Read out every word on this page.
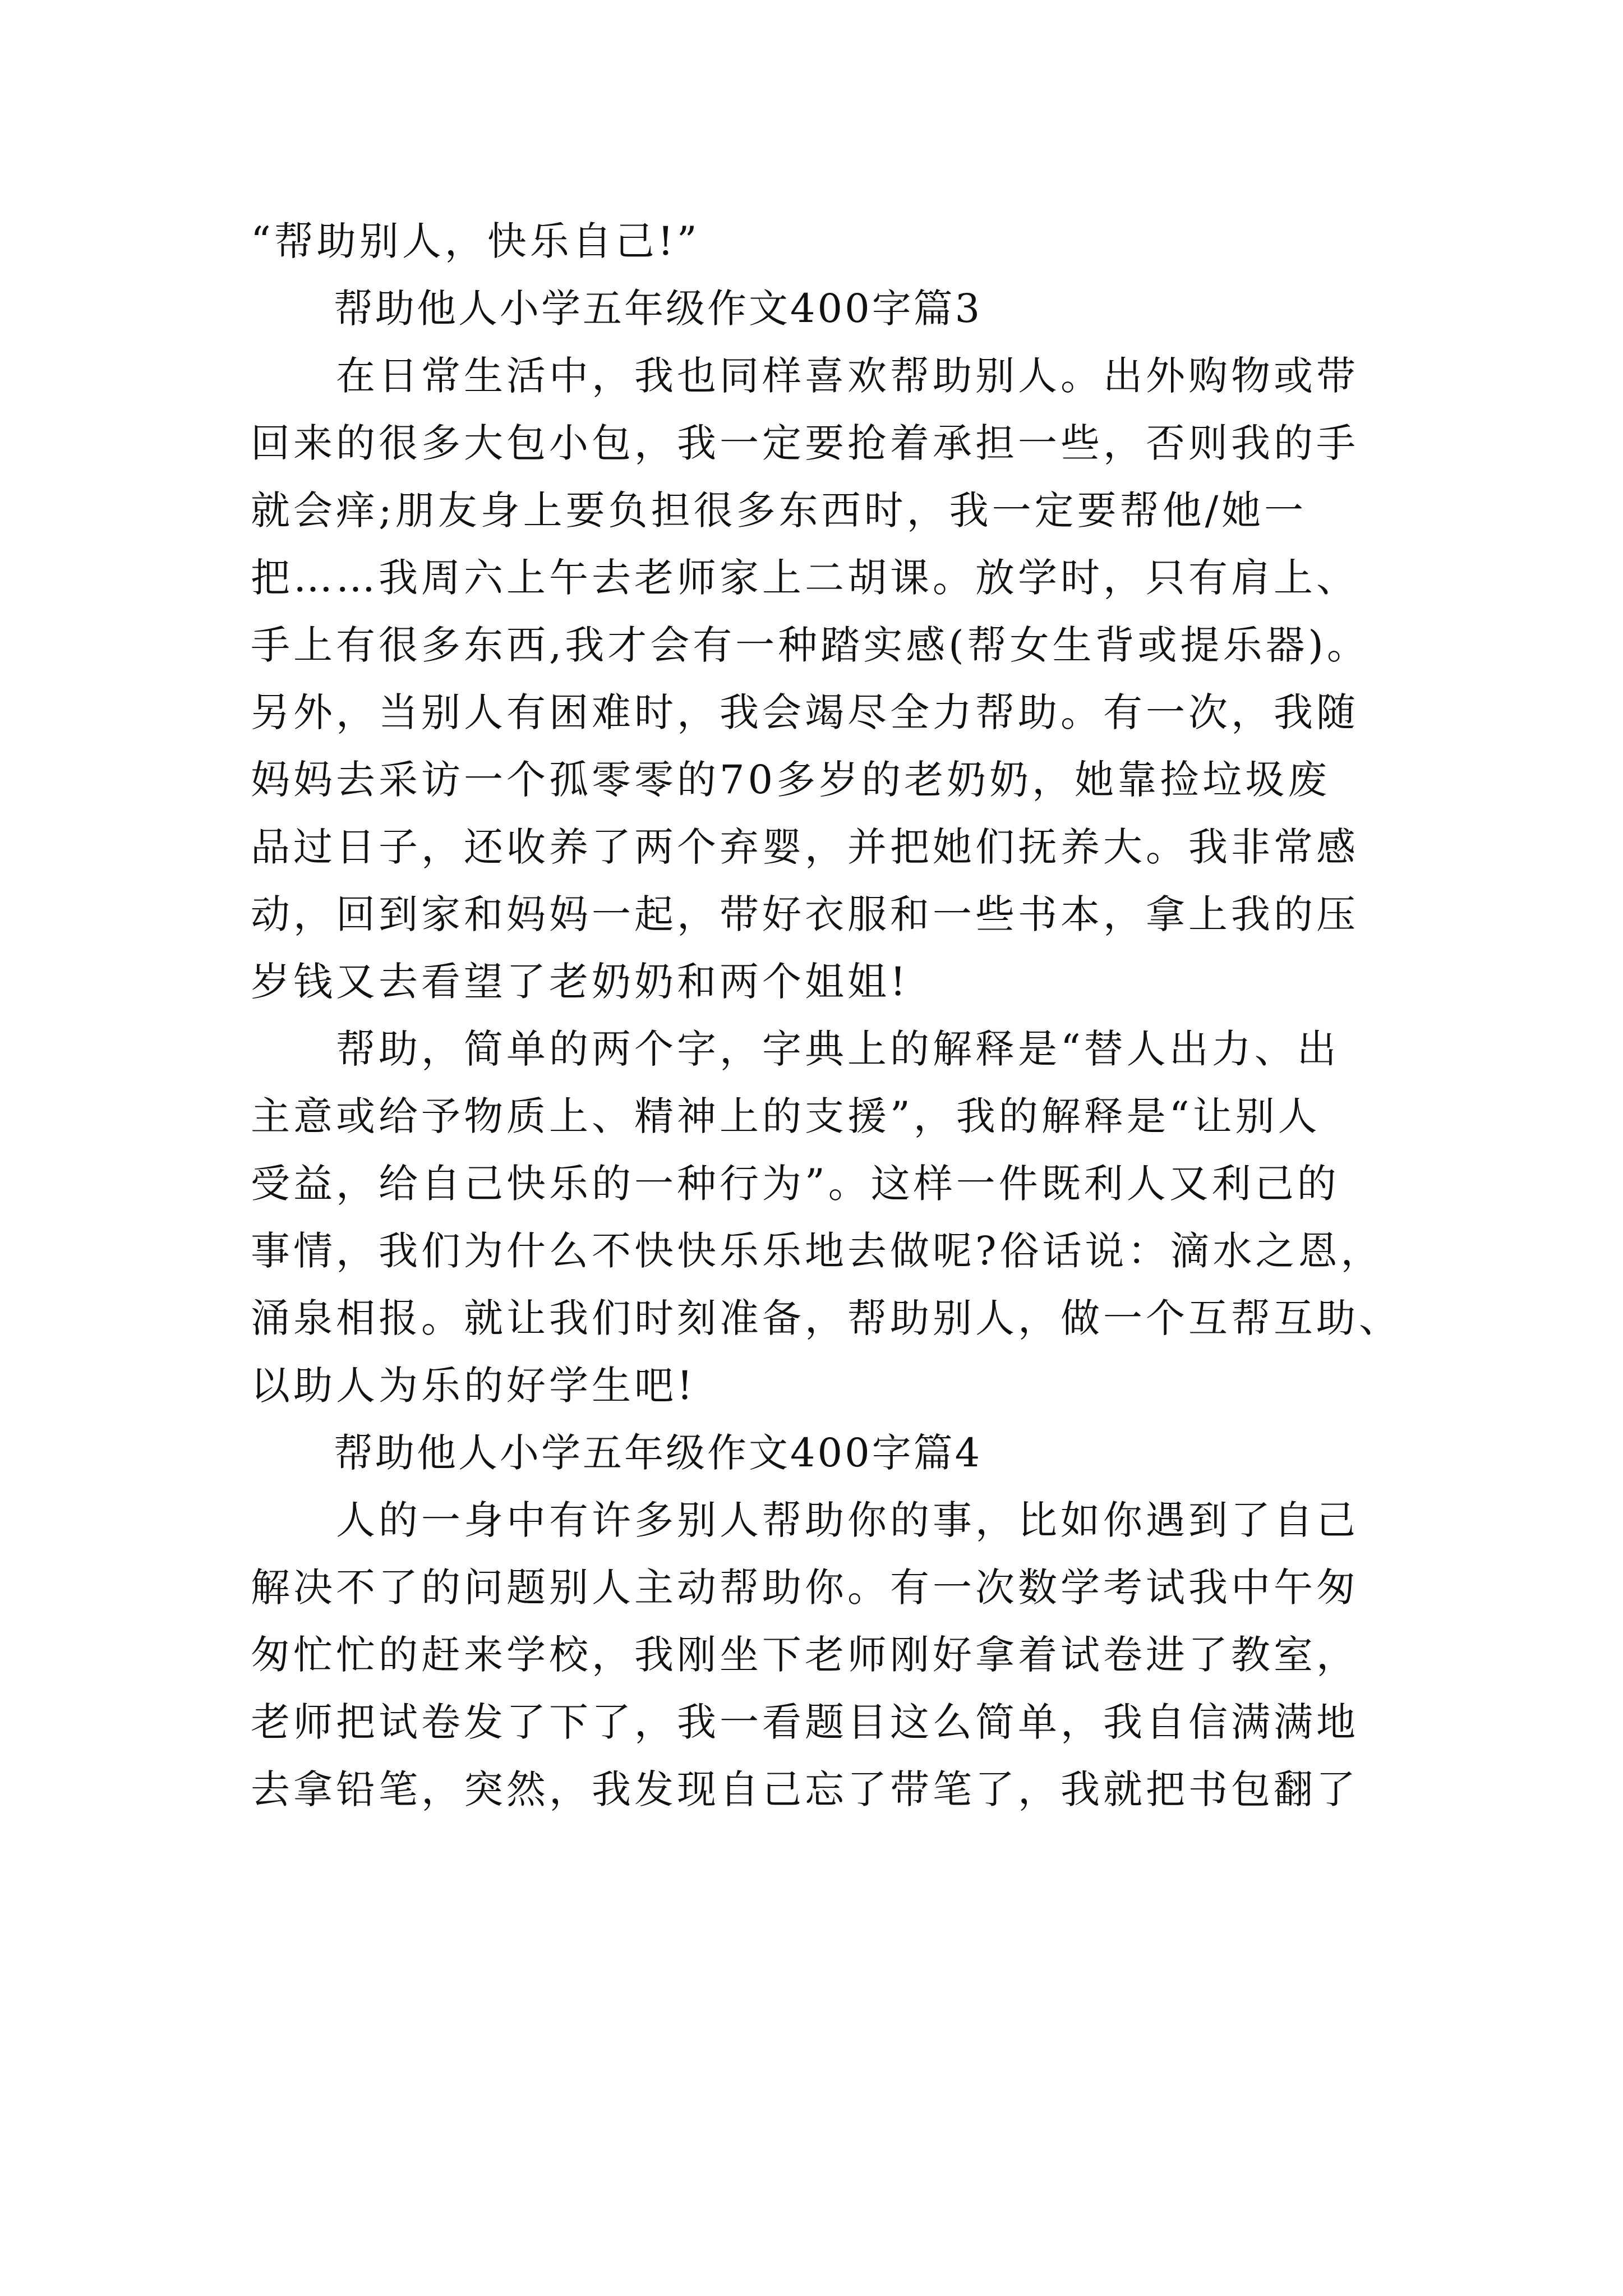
“帮助别人，快乐自己!”
帮助他人小学五年级作文400字篇3
　　在日常生活中，我也同样喜欢帮助别人。出外购物或带
回来的很多大包小包，我一定要抢着承担一些，否则我的手
就会痒;朋友身上要负担很多东西时，我一定要帮他/她一
把……我周六上午去老师家上二胡课。放学时，只有肩上、
手上有很多东西,我才会有一种踏实感(帮女生背或提乐器)。
另外，当别人有困难时，我会竭尽全力帮助。有一次，我随
妈妈去采访一个孤零零的70多岁的老奶奶，她靠捡垃圾废
品过日子，还收养了两个弃婴，并把她们抚养大。我非常感
动，回到家和妈妈一起，带好衣服和一些书本，拿上我的压
岁钱又去看望了老奶奶和两个姐姐!
　　帮助，简单的两个字，字典上的解释是“替人出力、出
主意或给予物质上、精神上的支援”，我的解释是“让别人
受益，给自己快乐的一种行为”。这样一件既利人又利己的
事情，我们为什么不快快乐乐地去做呢?俗话说：滴水之恩，
涌泉相报。就让我们时刻准备，帮助别人，做一个互帮互助、
以助人为乐的好学生吧!
帮助他人小学五年级作文400字篇4
　　人的一身中有许多别人帮助你的事，比如你遇到了自己
解决不了的问题别人主动帮助你。有一次数学考试我中午匆
匆忙忙的赶来学校，我刚坐下老师刚好拿着试卷进了教室，
老师把试卷发了下了，我一看题目这么简单，我自信满满地
去拿铅笔，突然，我发现自己忘了带笔了，我就把书包翻了
